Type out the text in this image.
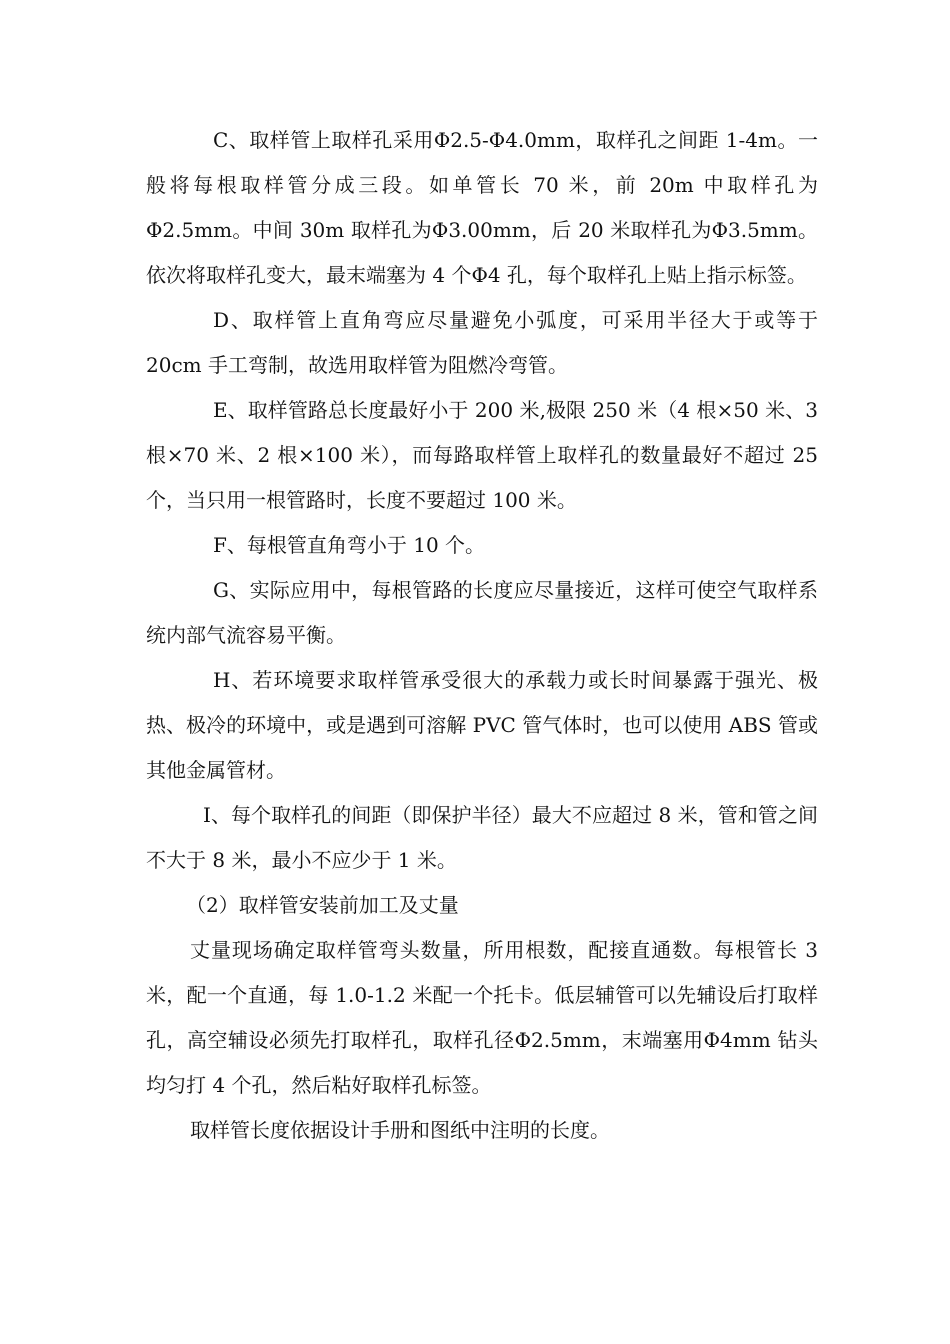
C、取样管上取样孔采用Φ2.5-Φ4.0mm，取样孔之间距 1-4m。一般将每根取样管分成三段。如单管长 70 米，前 20m 中取样孔为Φ2.5mm。中间 30m 取样孔为Φ3.00mm，后 20 米取样孔为Φ3.5mm。依次将取样孔变大，最末端塞为 4 个Φ4 孔，每个取样孔上贴上指示标签。

D、取样管上直角弯应尽量避免小弧度，可采用半径大于或等于 20cm 手工弯制，故选用取样管为阻燃冷弯管。

E、取样管路总长度最好小于 200 米,极限 250 米（4 根×50 米、3 根×70 米、2 根×100 米），而每路取样管上取样孔的数量最好不超过 25 个，当只用一根管路时，长度不要超过 100 米。

F、每根管直角弯小于 10 个。

G、实际应用中，每根管路的长度应尽量接近，这样可使空气取样系统内部气流容易平衡。

H、若环境要求取样管承受很大的承载力或长时间暴露于强光、极热、极冷的环境中，或是遇到可溶解 PVC 管气体时，也可以使用 ABS 管或其他金属管材。

I、每个取样孔的间距（即保护半径）最大不应超过 8 米，管和管之间不大于 8 米，最小不应少于 1 米。

（2）取样管安装前加工及丈量

丈量现场确定取样管弯头数量，所用根数，配接直通数。每根管长 3 米，配一个直通，每 1.0-1.2 米配一个托卡。低层辅管可以先辅设后打取样孔，高空辅设必须先打取样孔，取样孔径Φ2.5mm，末端塞用Φ4mm 钻头均匀打 4 个孔，然后粘好取样孔标签。

取样管长度依据设计手册和图纸中注明的长度。
